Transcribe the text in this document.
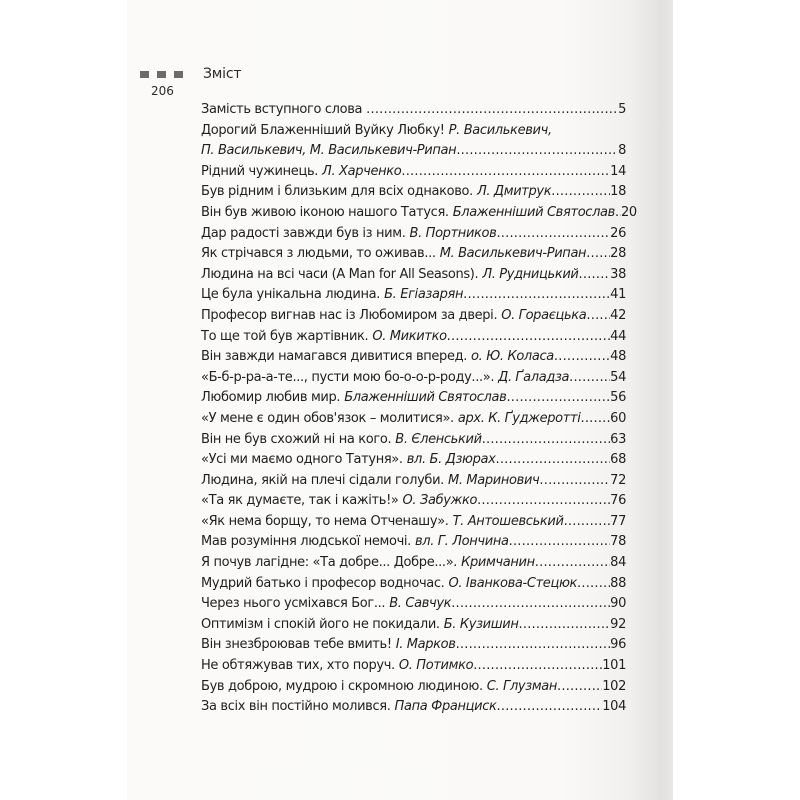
Зміст
206
Замість вступного слова .....	5
Дорогий Блаженніший Вуйку Любку! Р. Василькевич,
П. Василькевич, М. Василькевич-Рипан .....	8
Рідний чужинець. Л. Харченко .....	14
Був рідним і близьким для всіх однаково. Л. Дмитрук .....	18
Він був живою іконою нашого Татуся. Блаженніший Святослав ..... 20
Дар радості завжди був із ним. В. Портников .....	26
Як стрічався з людьми, то оживав... М. Василькевич-Рипан ..... 28
Людина на всі часи (A Man for All Seasons). Л. Рудницький ..... 38
Це була унікальна людина. Б. Егіазарян .....	41
Професор вигнав нас із Любомиром за двері. О. Гораєцька ..... 42
То ще той був жартівник. О. Микитко .....	44
Він завжди намагався дивитися вперед. о. Ю. Коласа .....	48
«Б-б-р-ра-а-те..., пусти мою бо-о-о-р-роду...». Д. Ґаладза .....	54
Любомир любив мир. Блаженніший Святослав .....	56
«У мене є один обов'язок – молитися». арх. К. Ґуджеротті ..... 60
Він не був схожий ні на кого. В. Єленський .....	63
«Усі ми маємо одного Татуня». вл. Б. Дзюрах .....	68
Людина, якій на плечі сідали голуби. М. Маринович .....	72
«Та як думаєте, так і кажіть!» О. Забужко .....	76
«Як нема борщу, то нема Отченашу». Т. Антошевський .....	77
Мав розуміння людської немочі. вл. Г. Лончина .....	78
Я почув лагідне: «Та добре... Добре...». Кримчанин .....	84
Мудрий батько і професор водночас. О. Іванкова-Стецюк .....	88
Через нього усміхався Бог... В. Савчук .....	90
Оптимізм і спокій його не покидали. Б. Кузишин .....	92
Він знезброював тебе вмить! І. Марков .....	96
Не обтяжував тих, хто поруч. О. Потимко .....	101
Був доброю, мудрою і скромною людиною. С. Глузман .....	102
За всіх він постійно молився. Папа Франциск .....	104
